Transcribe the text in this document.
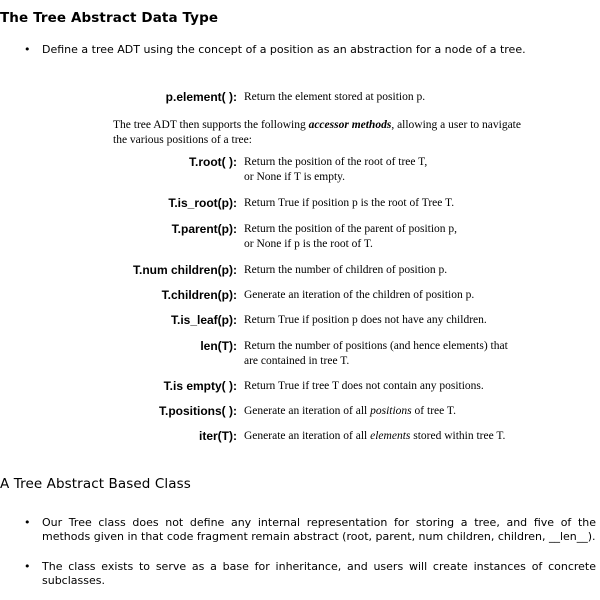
The Tree Abstract Data Type
• Define a tree ADT using the concept of a position as an abstraction for a node of a tree.
p.element( ): Return the element stored at position p.
The tree ADT then supports the following accessor methods, allowing a user to navigate the various positions of a tree:
T.root( ): Return the position of the root of tree T,
or None if T is empty.
T.is_root(p): Return True if position p is the root of Tree T.
T.parent(p): Return the position of the parent of position p,
or None if p is the root of T.
T.num children(p): Return the number of children of position p.
T.children(p): Generate an iteration of the children of position p.
T.is_leaf(p): Return True if position p does not have any children.
len(T): Return the number of positions (and hence elements) that
are contained in tree T.
T.is empty( ): Return True if tree T does not contain any positions.
T.positions( ): Generate an iteration of all positions of tree T.
iter(T): Generate an iteration of all elements stored within tree T.
A Tree Abstract Based Class
• Our Tree class does not define any internal representation for storing a tree, and five of the methods given in that code fragment remain abstract (root, parent, num children, children, __len__).
• The class exists to serve as a base for inheritance, and users will create instances of concrete subclasses.
